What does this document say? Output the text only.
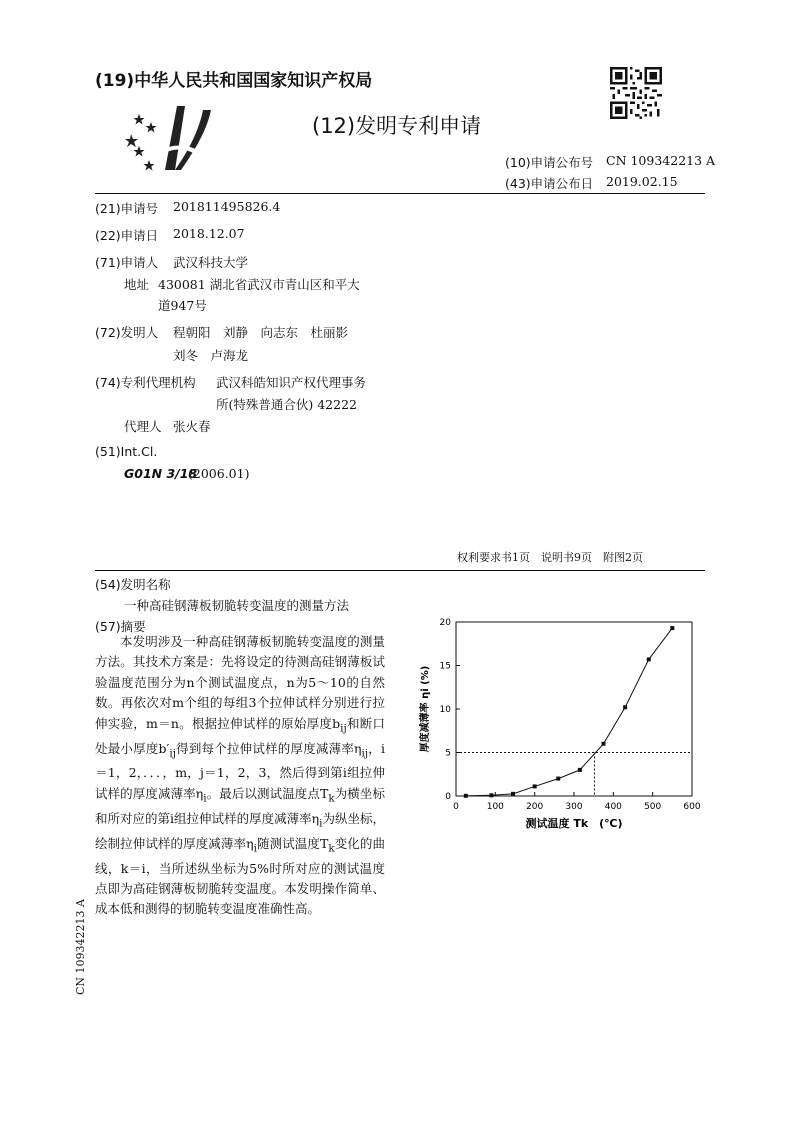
(19)中华人民共和国国家知识产权局
(12)发明专利申请
(10)申请公布号 CN 109342213 A
(43)申请公布日 2019.02.15
(21)申请号 201811495826.4
(22)申请日 2018.12.07
(71)申请人 武汉科技大学
地址 430081 湖北省武汉市青山区和平大
道947号
(72)发明人 程朝阳　刘静　向志东　杜丽影
刘冬　卢海龙
(74)专利代理机构 武汉科皓知识产权代理事务
所(特殊普通合伙) 42222
代理人 张火春
(51)Int.Cl.
G01N 3/18
(2006.01)
权利要求书1页　说明书9页　附图2页
(54)发明名称
一种高硅钢薄板韧脆转变温度的测量方法
(57)摘要
本发明涉及一种高硅钢薄板韧脆转变温度的测量方法。其技术方案是：先将设定的待测高硅钢薄板试验温度范围分为n个测试温度点，n为5～10的自然数。再依次对m个组的每组3个拉伸试样分别进行拉伸实验，m＝n。根据拉伸试样的原始厚度$b_{ij}$和断口处最小厚度$b'_{ij}$得到每个拉伸试样的厚度减薄率$\eta_{ij}$，i＝1，2，．．．，m，j＝1，2，3，然后得到第i组拉伸试样的厚度减薄率$\eta_i$。最后以测试温度点$T_k$为横坐标和所对应的第i组拉伸试样的厚度减薄率$\eta_i$为纵坐标，绘制拉伸试样的厚度减薄率$\eta_i$随测试温度$T_k$变化的曲线，k＝i，当所述纵坐标为5%时所对应的测试温度点即为高硅钢薄板韧脆转变温度。本发明操作简单、成本低和测得的韧脆转变温度准确性高。
CN 109342213 A
0	100 200 300 400 500 600
0
5
10
15
20
测试温度 Tk　(℃)
厚度减薄率 ηi (%)
